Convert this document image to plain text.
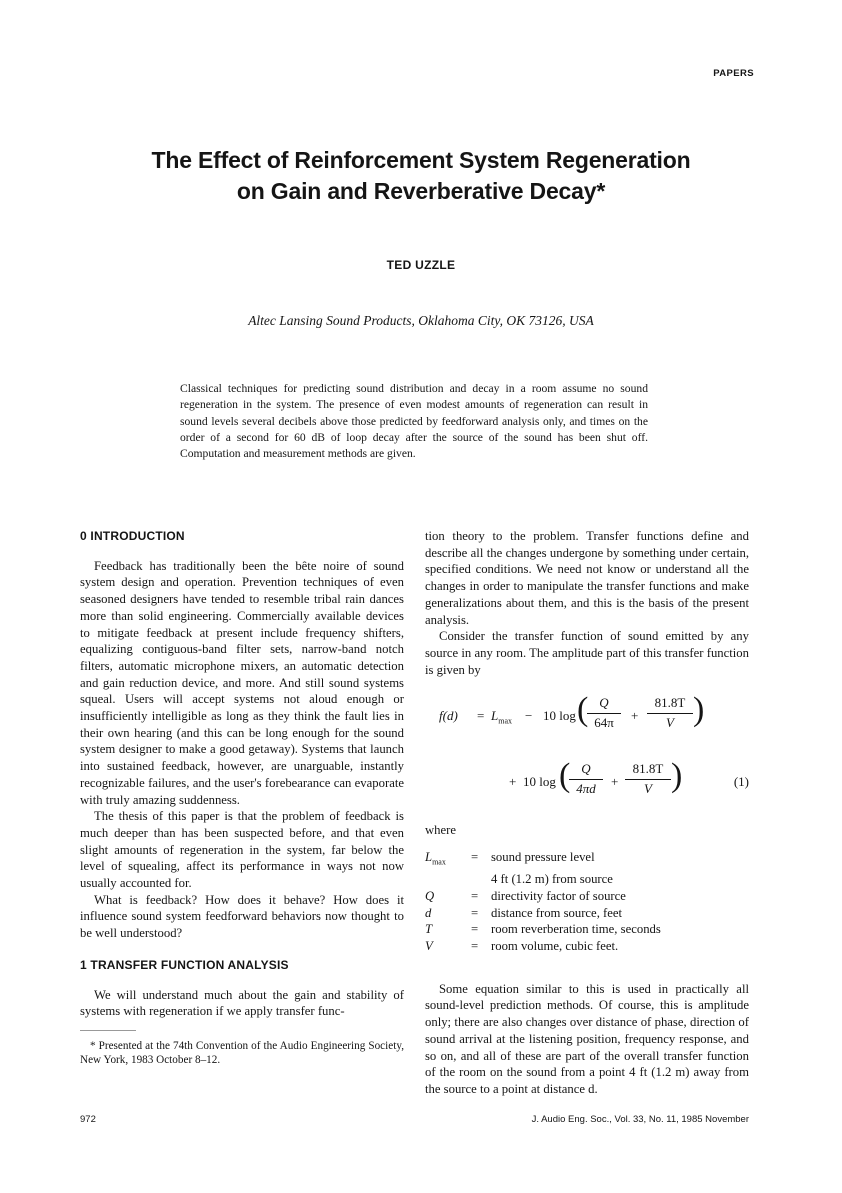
PAPERS
The Effect of Reinforcement System Regeneration
on Gain and Reverberative Decay*
TED UZZLE
Altec Lansing Sound Products, Oklahoma City, OK 73126, USA
Classical techniques for predicting sound distribution and decay in a room assume no sound regeneration in the system. The presence of even modest amounts of regeneration can result in sound levels several decibels above those predicted by feedforward analysis only, and times on the order of a second for 60 dB of loop decay after the source of the sound has been shut off. Computation and measurement methods are given.
0 INTRODUCTION

Feedback has traditionally been the bête noire of sound system design and operation. Prevention techniques of even seasoned designers have tended to resemble tribal rain dances more than solid engineering. Commercially available devices to mitigate feedback at present include frequency shifters, equalizing contiguous-band filter sets, narrow-band notch filters, automatic microphone mixers, an automatic detection and gain reduction device, and more. And still sound systems squeal. Users will accept systems not aloud enough or insufficiently intelligible as long as they think the fault lies in their own hearing (and this can be long enough for the sound system designer to make a good getaway). Systems that launch into sustained feedback, however, are unarguable, instantly recognizable failures, and the user's forebearance can evaporate with truly amazing suddenness.

The thesis of this paper is that the problem of feedback is much deeper than has been suspected before, and that even slight amounts of regeneration in the system, far below the level of squealing, affect its performance in ways not now usually accounted for.

What is feedback? How does it behave? How does it influence sound system feedforward behaviors now thought to be well understood?

1 TRANSFER FUNCTION ANALYSIS

We will understand much about the gain and stability of systems with regeneration if we apply transfer func-

* Presented at the 74th Convention of the Audio Engineering Society, New York, 1983 October 8–12.

tion theory to the problem. Transfer functions define and describe all the changes undergone by something under certain, specified conditions. We need not know or understand all the changes in order to manipulate the transfer functions and make generalizations about them, and this is the basis of the present analysis.

Consider the transfer function of sound emitted by any source in any room. The amplitude part of this transfer function is given by

$f(d) = L_{max} - 10$ log (
$\frac{Q}{64\pi} + \frac{81.8T}{V}$ )
+ 10 log (
$\frac{Q}{4\pi d} + \frac{81.8T}{V}$ )	(1)

where

$L_{max}$	=	sound pressure level
4 ft (1.2 m) from source
Q	=	directivity factor of source
d	=	distance from source, feet
T	=	room reverberation time, seconds
V	=	room volume, cubic feet.

Some equation similar to this is used in practically all sound-level prediction methods. Of course, this is amplitude only; there are also changes over distance of phase, direction of sound arrival at the listening position, frequency response, and so on, and all of these are part of the overall transfer function of the room on the sound from a point 4 ft (1.2 m) away from the source to a point at distance d.

972	J. Audio Eng. Soc., Vol. 33, No. 11, 1985 November
